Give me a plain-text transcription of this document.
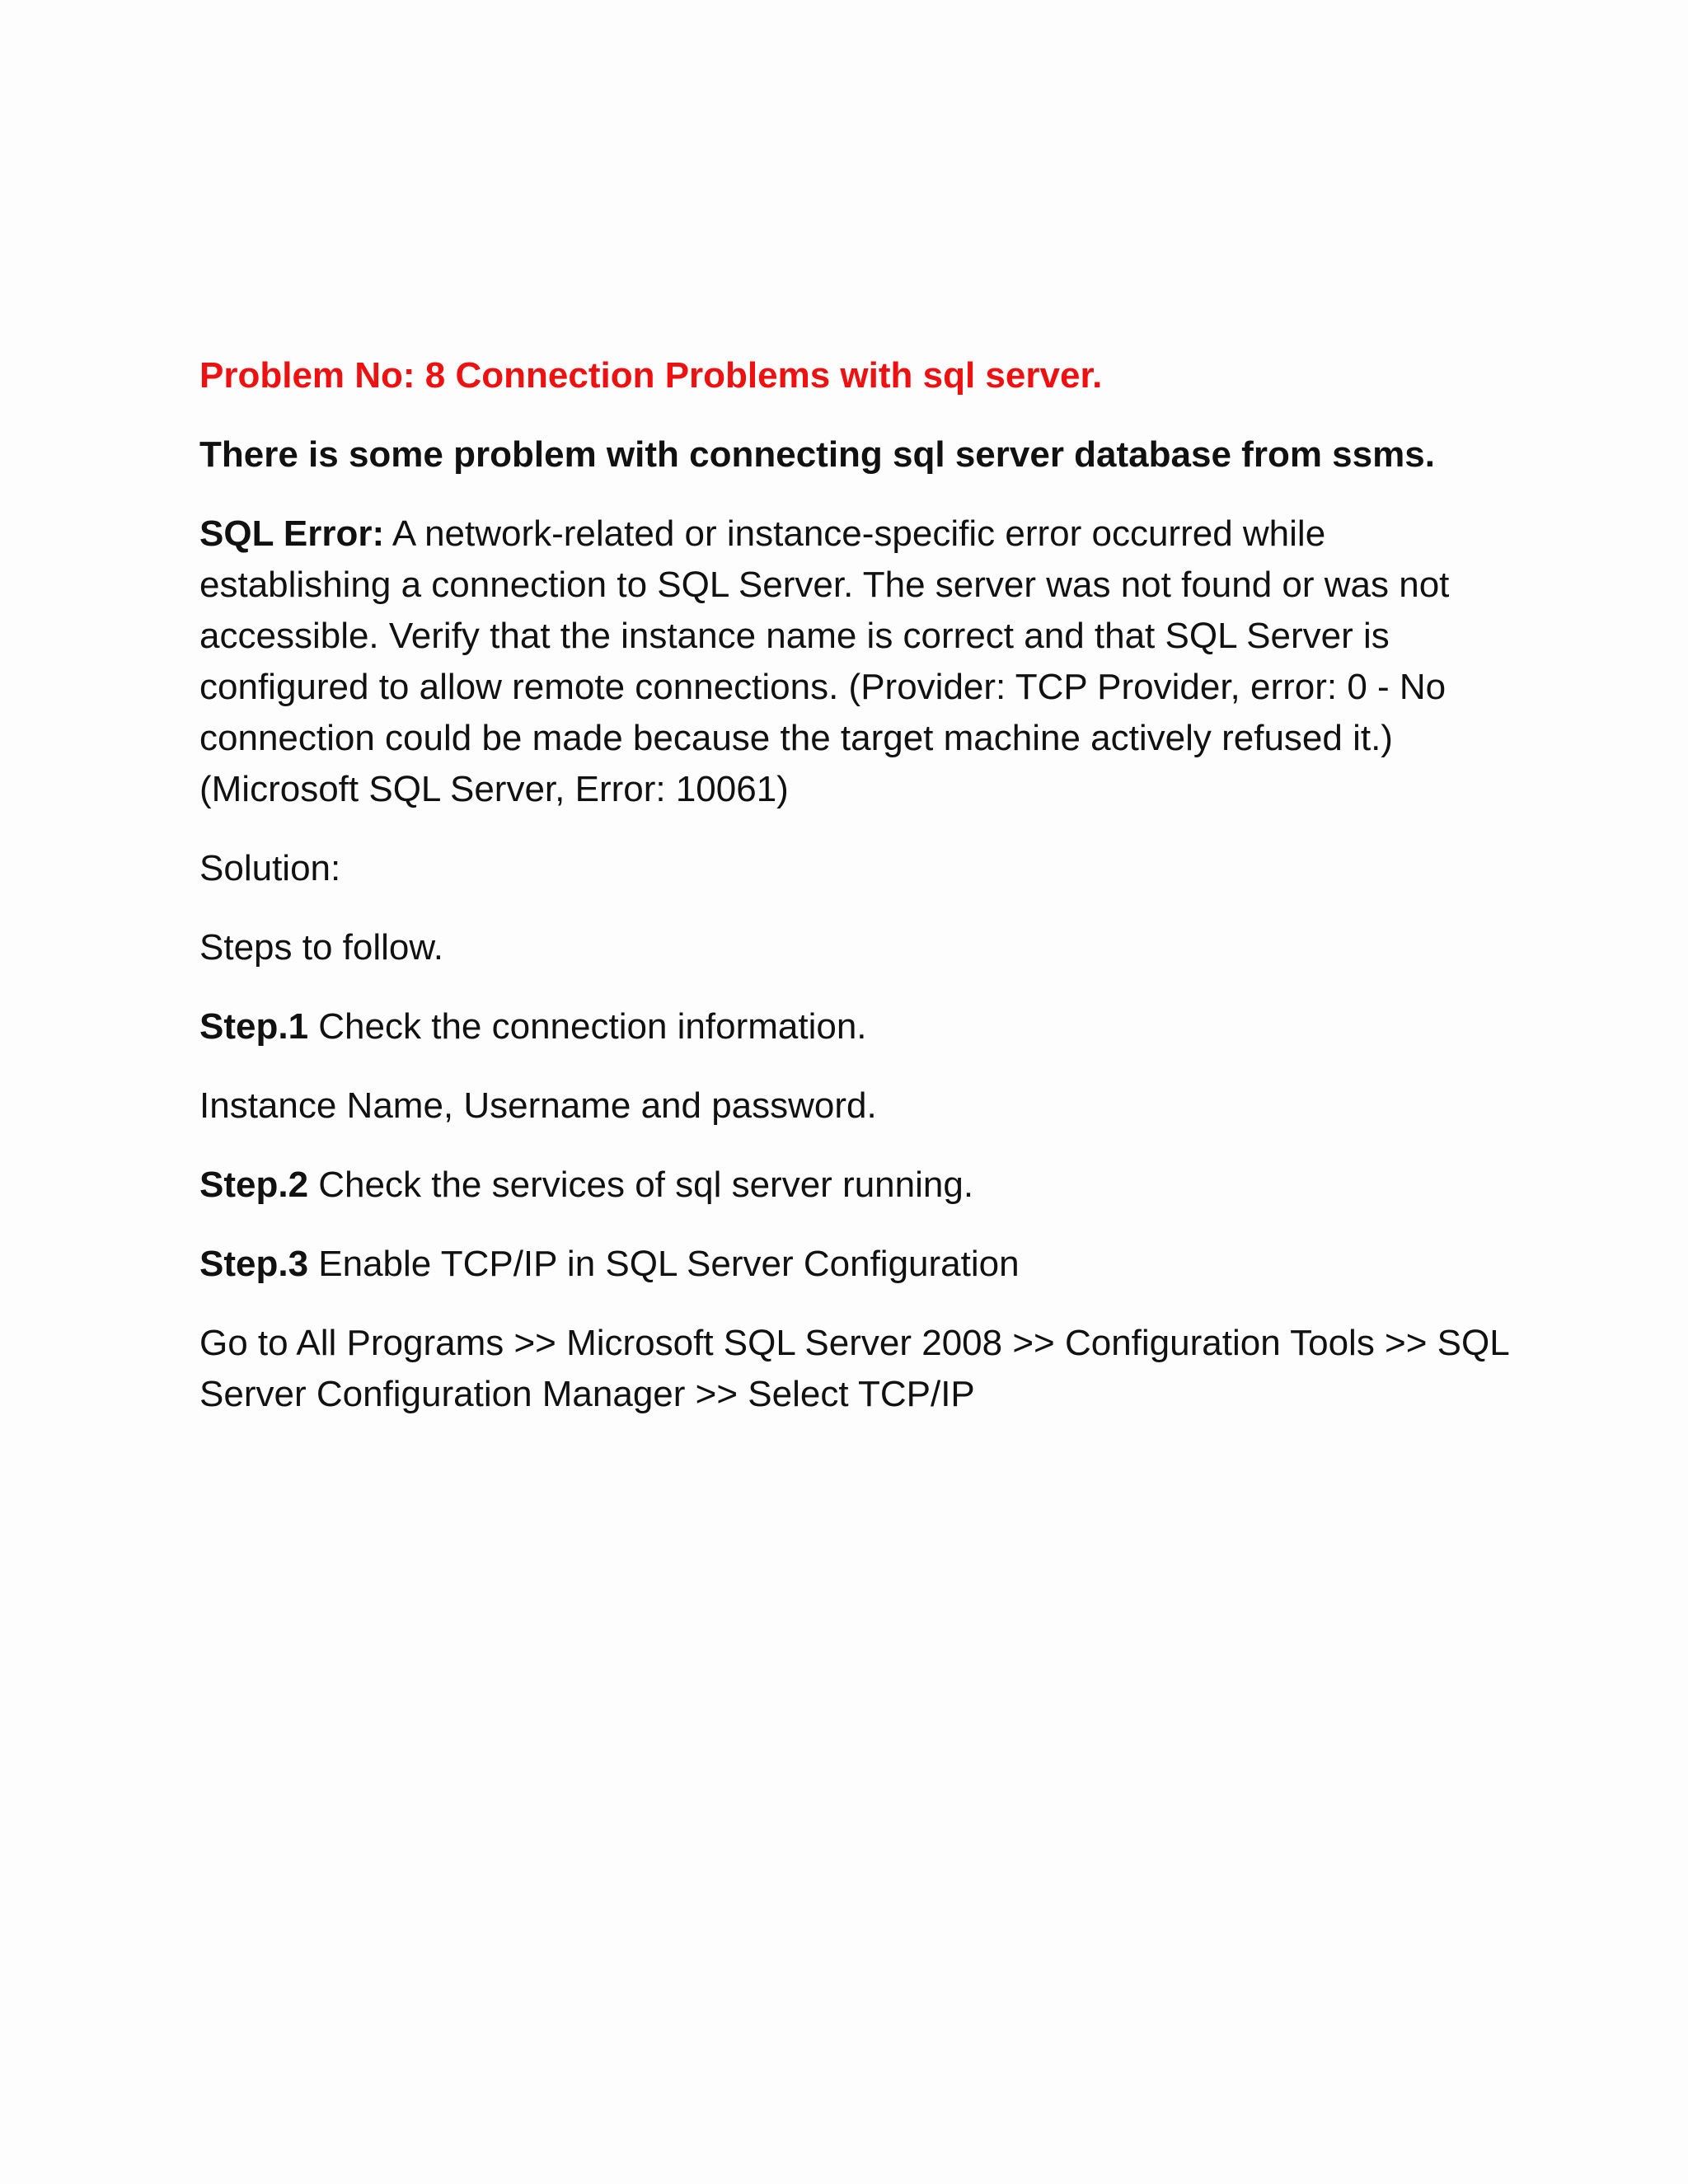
Problem No: 8 Connection Problems with sql server.

There is some problem with connecting sql server database from ssms.

SQL Error: A network-related or instance-specific error occurred while establishing a connection to SQL Server. The server was not found or was not accessible. Verify that the instance name is correct and that SQL Server is configured to allow remote connections. (Provider: TCP Provider, error: 0 - No connection could be made because the target machine actively refused it.) (Microsoft SQL Server, Error: 10061)

Solution:

Steps to follow.

Step.1 Check the connection information.

Instance Name, Username and password.

Step.2 Check the services of sql server running.

Step.3 Enable TCP/IP in SQL Server Configuration

Go to All Programs >> Microsoft SQL Server 2008 >> Configuration Tools >> SQL Server Configuration Manager >> Select TCP/IP
